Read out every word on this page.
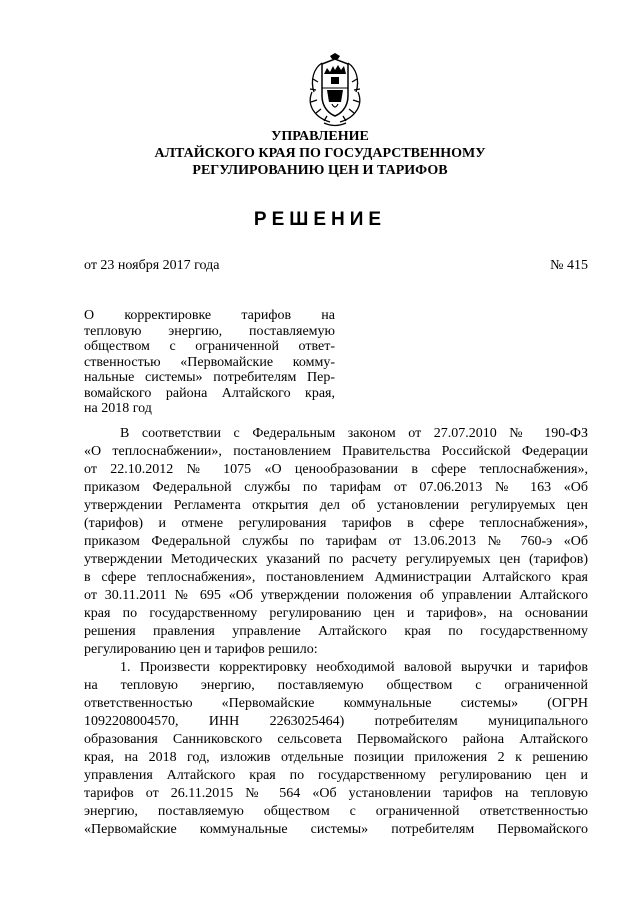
УПРАВЛЕНИЕ
АЛТАЙСКОГО КРАЯ ПО ГОСУДАРСТВЕННОМУ
РЕГУЛИРОВАНИЮ ЦЕН И ТАРИФОВ
РЕШЕНИЕ
от 23 ноября 2017 года	№ 415
О корректировке тарифов на
тепловую энергию, поставляемую
обществом с ограниченной ответ-
ственностью «Первомайские комму-
нальные системы» потребителям Пер-
вомайского района Алтайского края,
на 2018 год
В соответствии с Федеральным законом от 27.07.2010 № 190-ФЗ
«О теплоснабжении», постановлением Правительства Российской Федерации
от 22.10.2012 № 1075 «О ценообразовании в сфере теплоснабжения»,
приказом Федеральной службы по тарифам от 07.06.2013 № 163 «Об
утверждении Регламента открытия дел об установлении регулируемых цен
(тарифов) и отмене регулирования тарифов в сфере теплоснабжения»,
приказом Федеральной службы по тарифам от 13.06.2013 № 760-э «Об
утверждении Методических указаний по расчету регулируемых цен (тарифов)
в сфере теплоснабжения», постановлением Администрации Алтайского края
от 30.11.2011 № 695 «Об утверждении положения об управлении Алтайского
края по государственному регулированию цен и тарифов», на основании
решения правления управление Алтайского края по государственному
регулированию цен и тарифов решило:
1. Произвести корректировку необходимой валовой выручки и тарифов
на тепловую энергию, поставляемую обществом с ограниченной
ответственностью «Первомайские коммунальные системы» (ОГРН
1092208004570, ИНН 2263025464) потребителям муниципального
образования Санниковского сельсовета Первомайского района Алтайского
края, на 2018 год, изложив отдельные позиции приложения 2 к решению
управления Алтайского края по государственному регулированию цен и
тарифов от 26.11.2015 № 564 «Об установлении тарифов на тепловую
энергию, поставляемую обществом с ограниченной ответственностью
«Первомайские коммунальные системы» потребителям Первомайского
